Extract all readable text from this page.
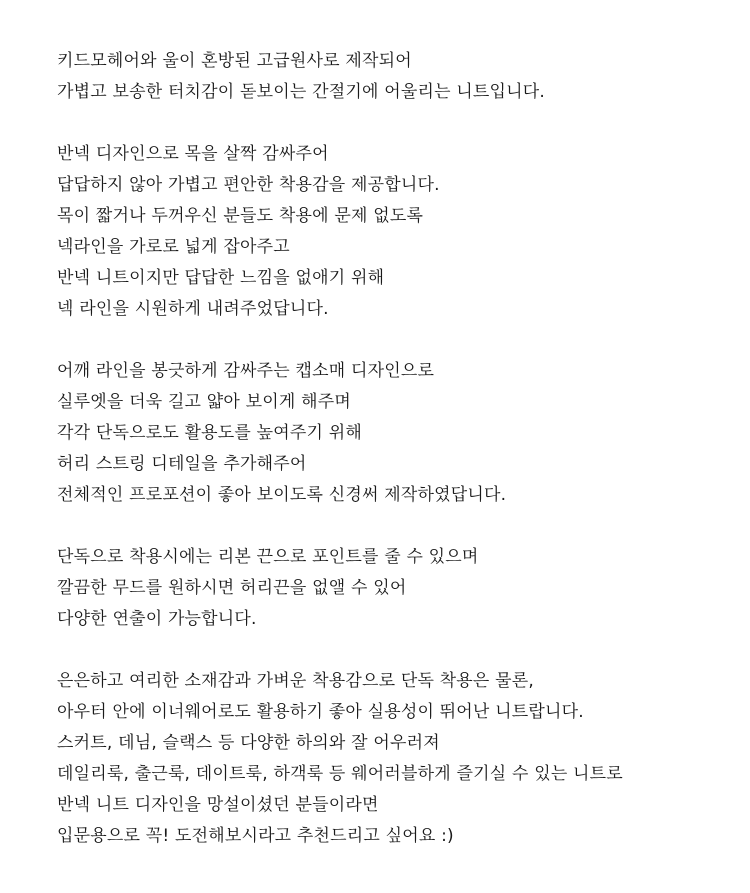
키드모헤어와 울이 혼방된 고급원사로 제작되어
가볍고 보송한 터치감이 돋보이는 간절기에 어울리는 니트입니다.
반넥 디자인으로 목을 살짝 감싸주어
답답하지 않아 가볍고 편안한 착용감을 제공합니다.
목이 짧거나 두꺼우신 분들도 착용에 문제 없도록
넥라인을 가로로 넓게 잡아주고
반넥 니트이지만 답답한 느낌을 없애기 위해
넥 라인을 시원하게 내려주었답니다.
어깨 라인을 봉긋하게 감싸주는 캡소매 디자인으로
실루엣을 더욱 길고 얇아 보이게 해주며
각각 단독으로도 활용도를 높여주기 위해
허리 스트링 디테일을 추가해주어
전체적인 프로포션이 좋아 보이도록 신경써 제작하였답니다.
단독으로 착용시에는 리본 끈으로 포인트를 줄 수 있으며
깔끔한 무드를 원하시면 허리끈을 없앨 수 있어
다양한 연출이 가능합니다.
은은하고 여리한 소재감과 가벼운 착용감으로 단독 착용은 물론,
아우터 안에 이너웨어로도 활용하기 좋아 실용성이 뛰어난 니트랍니다.
스커트, 데님, 슬랙스 등 다양한 하의와 잘 어우러져
데일리룩, 출근룩, 데이트룩, 하객룩 등 웨어러블하게 즐기실 수 있는 니트로
반넥 니트 디자인을 망설이셨던 분들이라면
입문용으로 꼭! 도전해보시라고 추천드리고 싶어요 :)
